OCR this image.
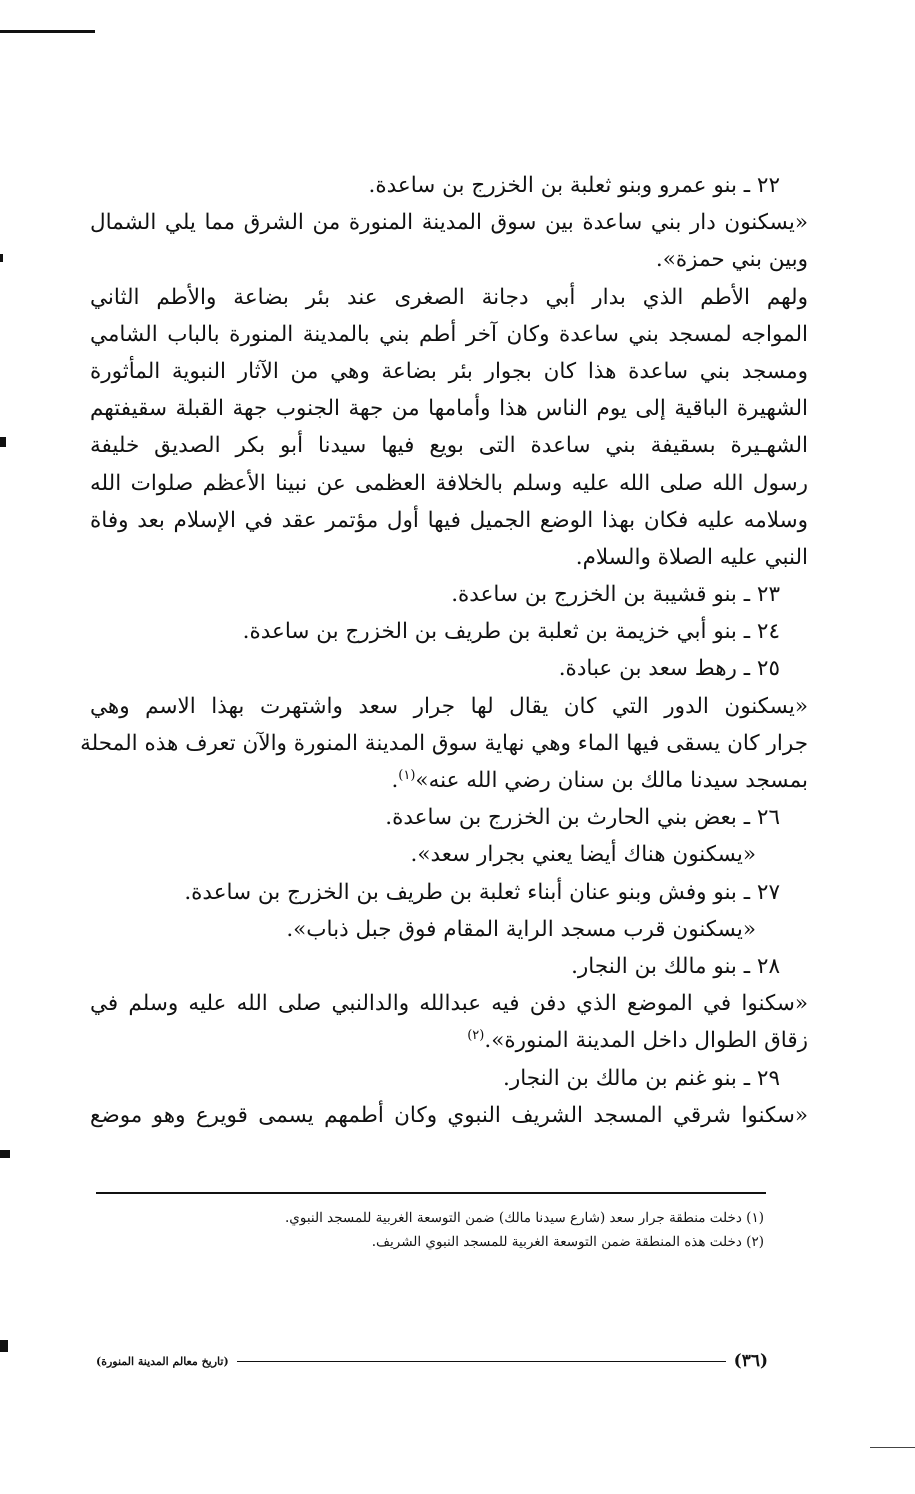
٢٢ ـ بنو عمرو وبنو ثعلبة بن الخزرج بن ساعدة.
«يسكنون دار بني ساعدة بين سوق المدينة المنورة من الشرق مما يلي الشمال
وبين بني حمزة».
ولهم الأطم الذي بدار أبي دجانة الصغرى عند بئر بضاعة والأطم الثاني
المواجه لمسجد بني ساعدة وكان آخر أطم بني بالمدينة المنورة بالباب الشامي
ومسجد بني ساعدة هذا كان بجوار بئر بضاعة وهي من الآثار النبوية المأثورة
الشهيرة الباقية إلى يوم الناس هذا وأمامها من جهة الجنوب جهة القبلة سقيفتهم
الشهـيرة بسقيفة بني ساعدة التى بويع فيها سيدنا أبو بكر الصديق خليفة
رسول الله صلى الله عليه وسلم بالخلافة العظمى عن نبينا الأعظم صلوات الله
وسلامه عليه فكان بهذا الوضع الجميل فيها أول مؤتمر عقد في الإسلام بعد وفاة
النبي عليه الصلاة والسلام.
٢٣ ـ بنو قشيبة بن الخزرج بن ساعدة.
٢٤ ـ بنو أبي خزيمة بن ثعلبة بن طريف بن الخزرج بن ساعدة.
٢٥ ـ رهط سعد بن عبادة.
«يسكنون الدور التي كان يقال لها جرار سعد واشتهرت بهذا الاسم وهي
جرار كان يسقى فيها الماء وهي نهاية سوق المدينة المنورة والآن تعرف هذه المحلة
بمسجد سيدنا مالك بن سنان رضي الله عنه»$^{(١)}$.
٢٦ ـ بعض بني الحارث بن الخزرج بن ساعدة.
«يسكنون هناك أيضا يعني بجرار سعد».
٢٧ ـ بنو وفش وبنو عنان أبناء ثعلبة بن طريف بن الخزرج بن ساعدة.
«يسكنون قرب مسجد الراية المقام فوق جبل ذباب».
٢٨ ـ بنو مالك بن النجار.
«سكنوا في الموضع الذي دفن فيه عبدالله والدالنبي صلى الله عليه وسلم في
زقاق الطوال داخل المدينة المنورة».$^{(٢)}$
٢٩ ـ بنو غنم بن مالك بن النجار.
«سكنوا شرقي المسجد الشريف النبوي وكان أطمهم يسمى قويرع وهو موضع
(١) دخلت منطقة جرار سعد (شارع سيدنا مالك) ضمن التوسعة الغربية للمسجد النبوي.
(٢) دخلت هذه المنطقة ضمن التوسعة الغربية للمسجد النبوي الشريف.
(٣٦)
(تاريخ معالم المدينة المنورة)
